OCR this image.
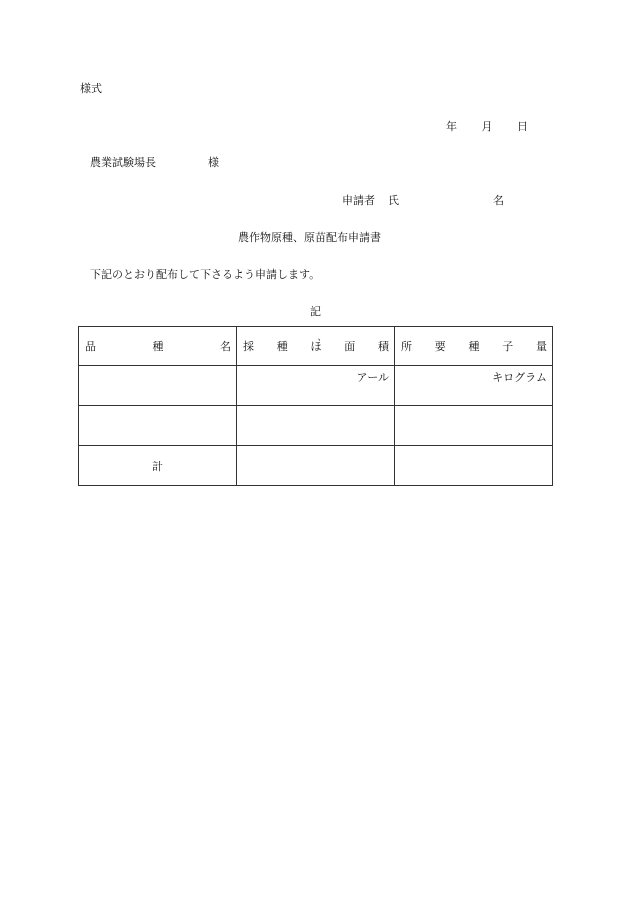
様式
年 月 日
農業試験場長	様
申請者 氏	名
農作物原種、原苗配布申請書
下記のとおり配布して下さるよう申請します。
記
品 種 名	採 種 ほ 、 面 積	所 要 種 子 量

	アール	キログラム

計		
